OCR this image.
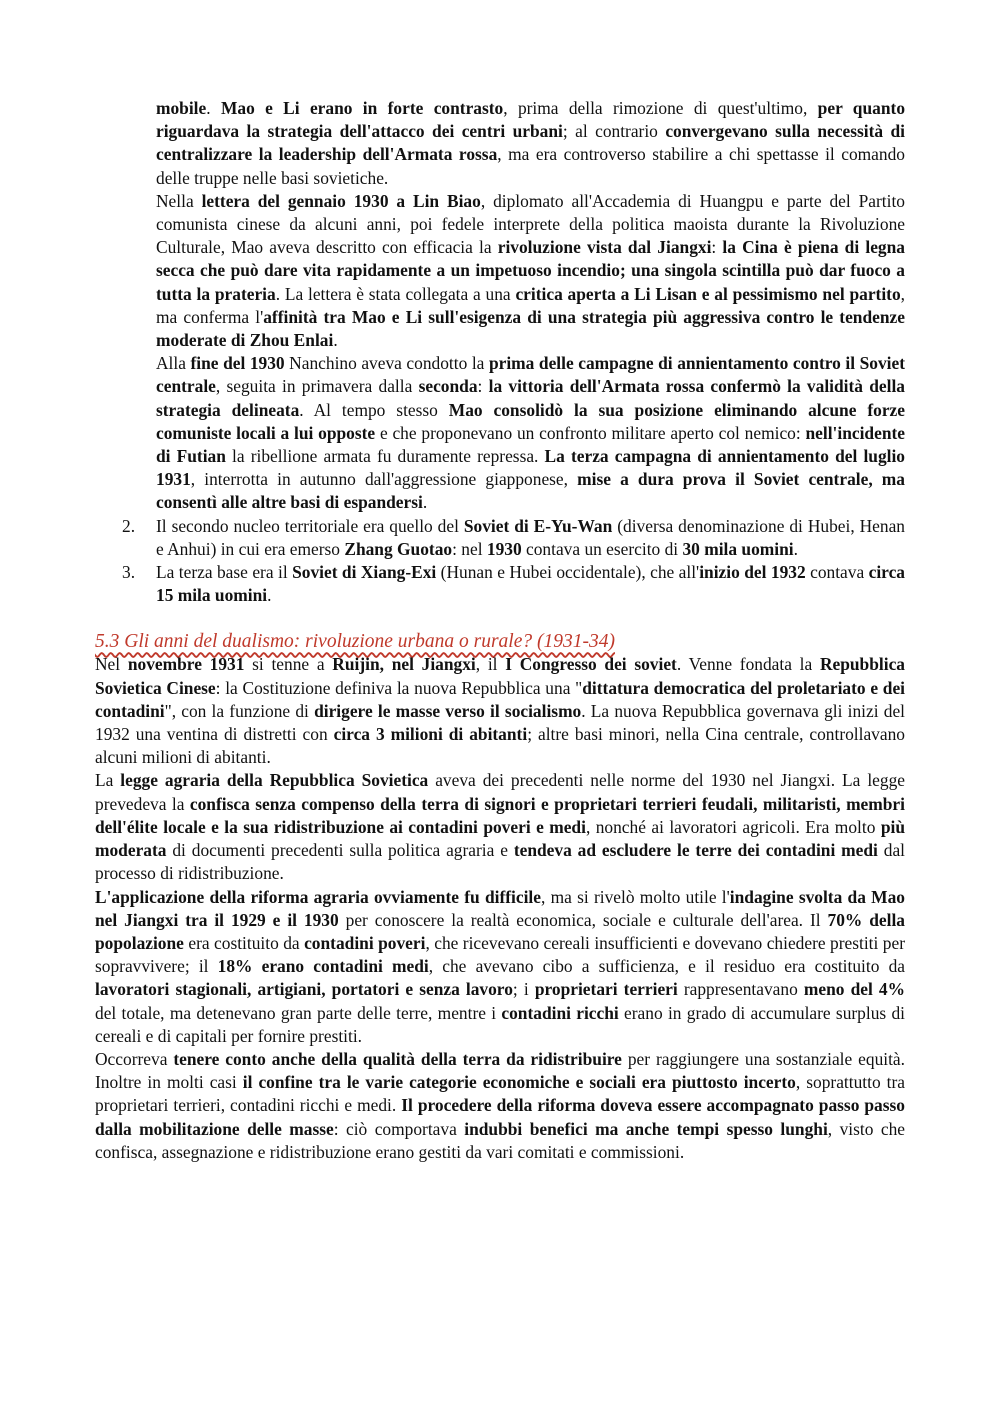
mobile. Mao e Li erano in forte contrasto, prima della rimozione di quest'ultimo, per quanto riguardava la strategia dell'attacco dei centri urbani; al contrario convergevano sulla necessità di centralizzare la leadership dell'Armata rossa, ma era controverso stabilire a chi spettasse il comando delle truppe nelle basi sovietiche.

Nella lettera del gennaio 1930 a Lin Biao, diplomato all'Accademia di Huangpu e parte del Partito comunista cinese da alcuni anni, poi fedele interprete della politica maoista durante la Rivoluzione Culturale, Mao aveva descritto con efficacia la rivoluzione vista dal Jiangxi: la Cina è piena di legna secca che può dare vita rapidamente a un impetuoso incendio; una singola scintilla può dar fuoco a tutta la prateria. La lettera è stata collegata a una critica aperta a Li Lisan e al pessimismo nel partito, ma conferma l'affinità tra Mao e Li sull'esigenza di una strategia più aggressiva contro le tendenze moderate di Zhou Enlai.

Alla fine del 1930 Nanchino aveva condotto la prima delle campagne di annientamento contro il Soviet centrale, seguita in primavera dalla seconda: la vittoria dell'Armata rossa confermò la validità della strategia delineata. Al tempo stesso Mao consolidò la sua posizione eliminando alcune forze comuniste locali a lui opposte e che proponevano un confronto militare aperto col nemico: nell'incidente di Futian la ribellione armata fu duramente repressa. La terza campagna di annientamento del luglio 1931, interrotta in autunno dall'aggressione giapponese, mise a dura prova il Soviet centrale, ma consentì alle altre basi di espandersi.

2. Il secondo nucleo territoriale era quello del Soviet di E-Yu-Wan (diversa denominazione di Hubei, Henan e Anhui) in cui era emerso Zhang Guotao: nel 1930 contava un esercito di 30 mila uomini.

3. La terza base era il Soviet di Xiang-Exi (Hunan e Hubei occidentale), che all'inizio del 1932 contava circa 15 mila uomini.

5.3 Gli anni del dualismo: rivoluzione urbana o rurale? (1931-34)

Nel novembre 1931 si tenne a Ruijin, nel Jiangxi, il I Congresso dei soviet. Venne fondata la Repubblica Sovietica Cinese: la Costituzione definiva la nuova Repubblica una "dittatura democratica del proletariato e dei contadini", con la funzione di dirigere le masse verso il socialismo. La nuova Repubblica governava gli inizi del 1932 una ventina di distretti con circa 3 milioni di abitanti; altre basi minori, nella Cina centrale, controllavano alcuni milioni di abitanti.

La legge agraria della Repubblica Sovietica aveva dei precedenti nelle norme del 1930 nel Jiangxi. La legge prevedeva la confisca senza compenso della terra di signori e proprietari terrieri feudali, militaristi, membri dell'élite locale e la sua ridistribuzione ai contadini poveri e medi, nonché ai lavoratori agricoli. Era molto più moderata di documenti precedenti sulla politica agraria e tendeva ad escludere le terre dei contadini medi dal processo di ridistribuzione.

L'applicazione della riforma agraria ovviamente fu difficile, ma si rivelò molto utile l'indagine svolta da Mao nel Jiangxi tra il 1929 e il 1930 per conoscere la realtà economica, sociale e culturale dell'area. Il 70% della popolazione era costituito da contadini poveri, che ricevevano cereali insufficienti e dovevano chiedere prestiti per sopravvivere; il 18% erano contadini medi, che avevano cibo a sufficienza, e il residuo era costituito da lavoratori stagionali, artigiani, portatori e senza lavoro; i proprietari terrieri rappresentavano meno del 4% del totale, ma detenevano gran parte delle terre, mentre i contadini ricchi erano in grado di accumulare surplus di cereali e di capitali per fornire prestiti.

Occorreva tenere conto anche della qualità della terra da ridistribuire per raggiungere una sostanziale equità. Inoltre in molti casi il confine tra le varie categorie economiche e sociali era piuttosto incerto, soprattutto tra proprietari terrieri, contadini ricchi e medi. Il procedere della riforma doveva essere accompagnato passo passo dalla mobilitazione delle masse: ciò comportava indubbi benefici ma anche tempi spesso lunghi, visto che confisca, assegnazione e ridistribuzione erano gestiti da vari comitati e commissioni.
